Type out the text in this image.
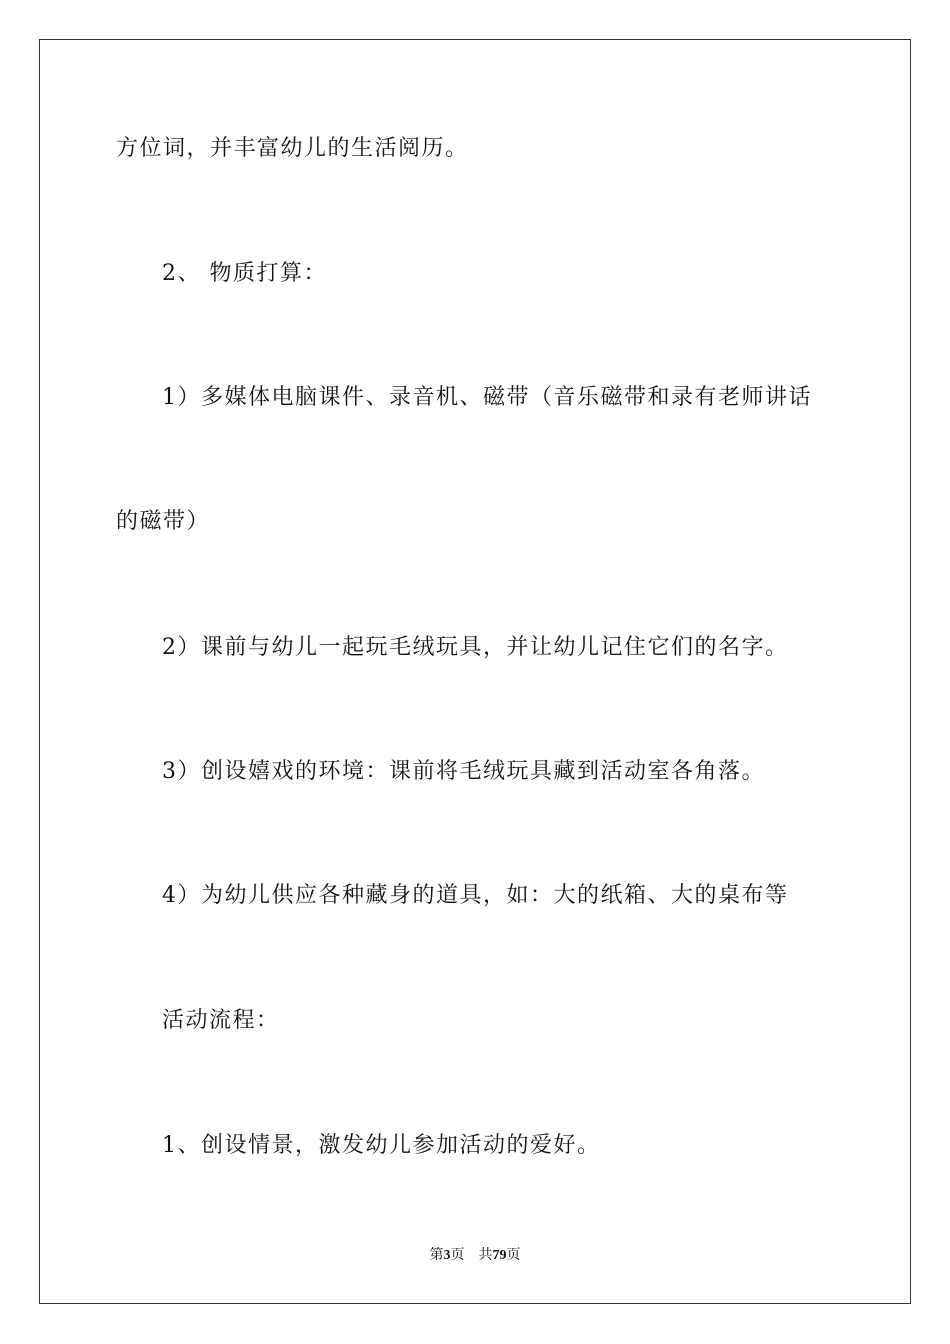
方位词，并丰富幼儿的生活阅历。
2、 物质打算：
1）多媒体电脑课件、录音机、磁带（音乐磁带和录有老师讲话
的磁带）
2）课前与幼儿一起玩毛绒玩具，并让幼儿记住它们的名字。
3）创设嬉戏的环境：课前将毛绒玩具藏到活动室各角落。
4）为幼儿供应各种藏身的道具，如：大的纸箱、大的桌布等
活动流程：
1、创设情景，激发幼儿参加活动的爱好。
第3页 共79页
